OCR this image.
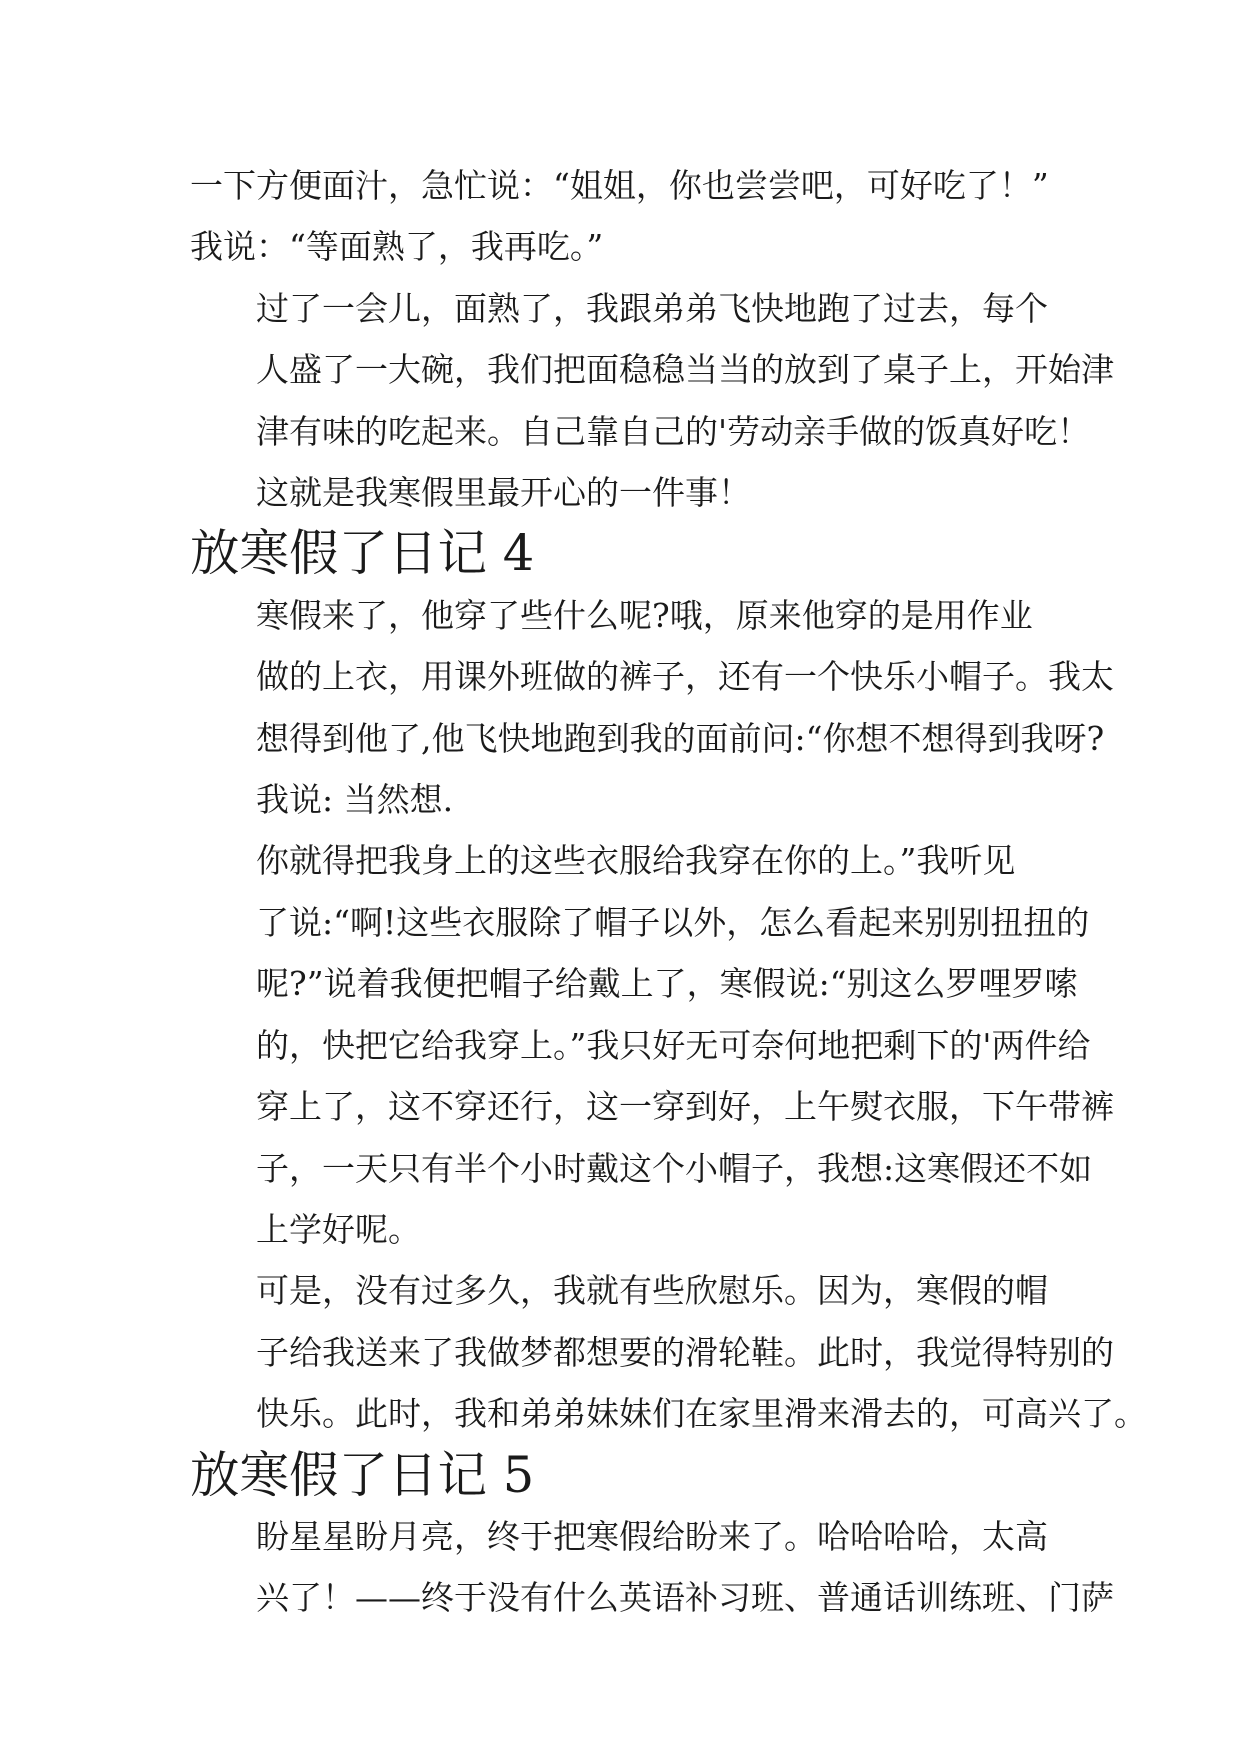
一下方便面汁，急忙说：“姐姐，你也尝尝吧，可好吃了！”
我说：“等面熟了，我再吃。”

过了一会儿，面熟了，我跟弟弟飞快地跑了过去，每个
人盛了一大碗，我们把面稳稳当当的放到了桌子上，开始津
津有味的吃起来。自己靠自己的'劳动亲手做的饭真好吃！

这就是我寒假里最开心的一件事！

放寒假了日记 4

寒假来了，他穿了些什么呢?哦，原来他穿的是用作业
做的上衣，用课外班做的裤子，还有一个快乐小帽子。我太
想得到他了,他飞快地跑到我的面前问:“你想不想得到我呀?
我说: 当然想.

你就得把我身上的这些衣服给我穿在你的上。”我听见
了说:“啊!这些衣服除了帽子以外，怎么看起来别别扭扭的
呢?”说着我便把帽子给戴上了，寒假说:“别这么罗哩罗嗦
的，快把它给我穿上。”我只好无可奈何地把剩下的'两件给
穿上了，这不穿还行，这一穿到好，上午熨衣服，下午带裤
子，一天只有半个小时戴这个小帽子，我想:这寒假还不如
上学好呢。

可是，没有过多久，我就有些欣慰乐。因为，寒假的帽
子给我送来了我做梦都想要的滑轮鞋。此时，我觉得特别的
快乐。此时，我和弟弟妹妹们在家里滑来滑去的，可高兴了。

放寒假了日记 5

盼星星盼月亮，终于把寒假给盼来了。哈哈哈哈，太高
兴了！——终于没有什么英语补习班、普通话训练班、门萨
